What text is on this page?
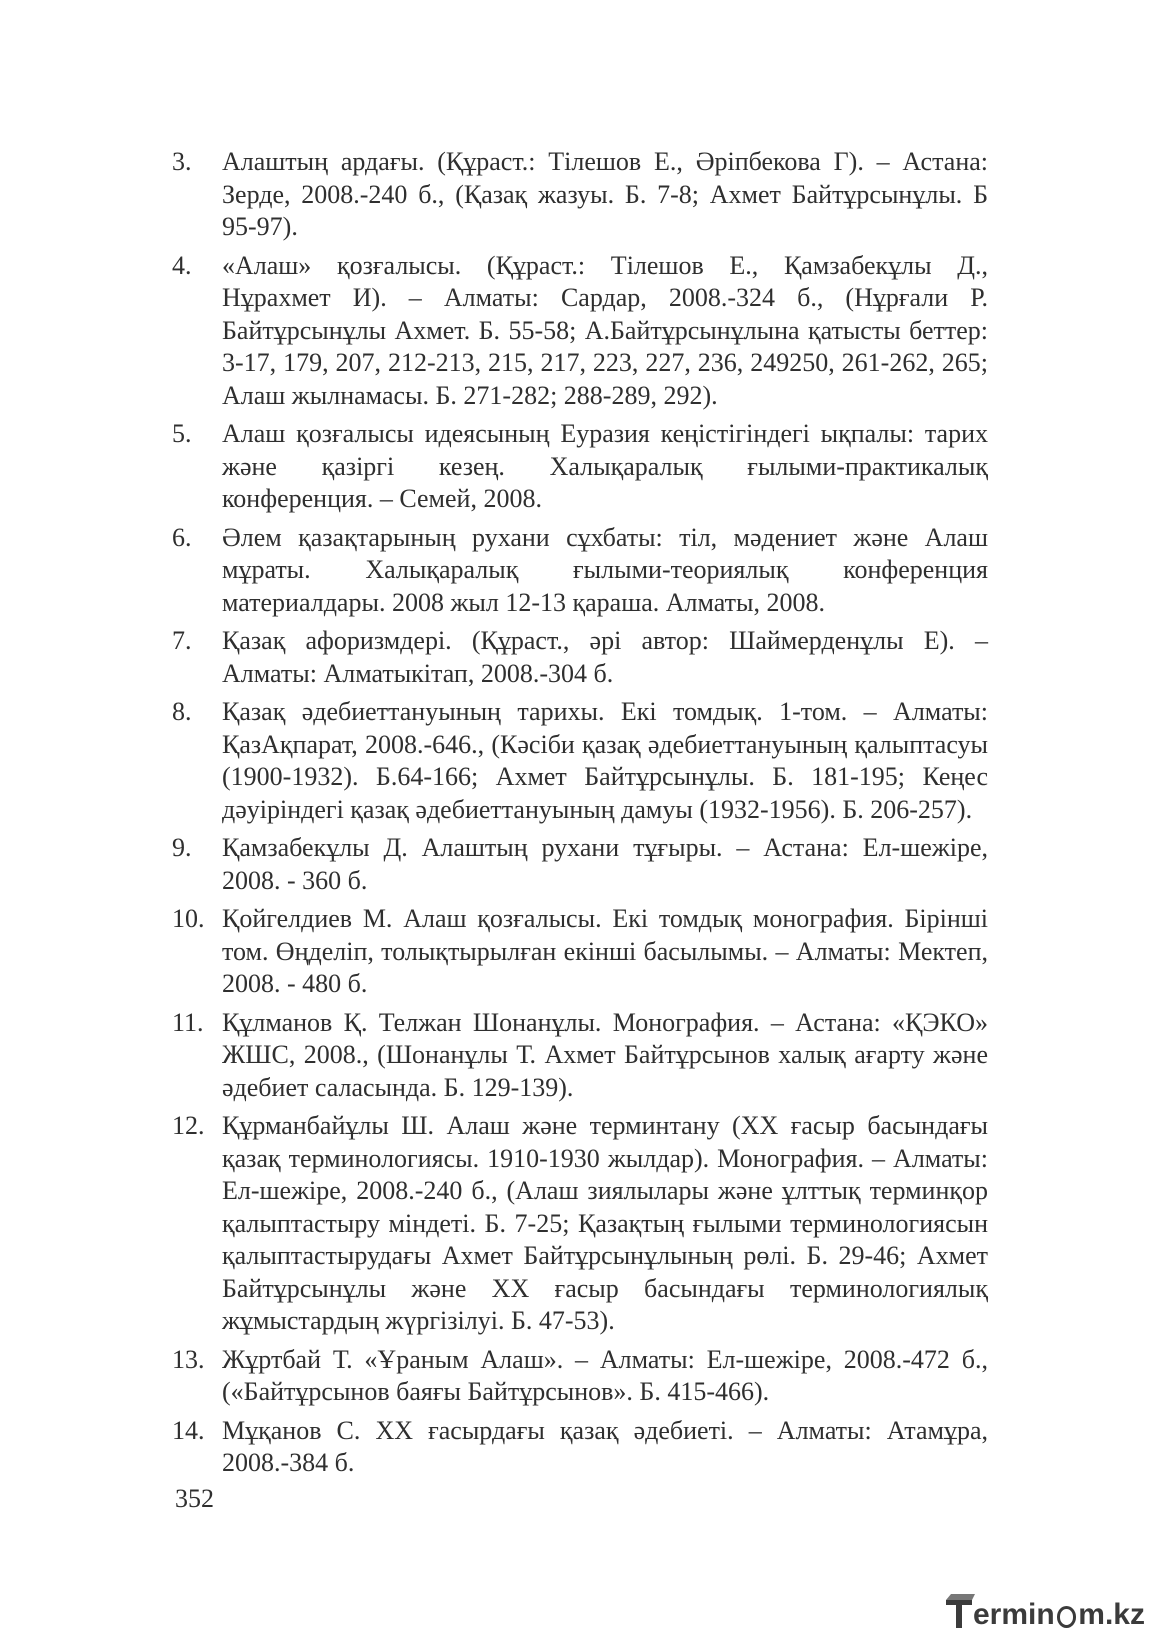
3.	Алаштың ардағы. (Құраст.: Тілешов Е., Әріпбекова Г). – Астана: Зерде, 2008.-240 б., (Қазақ жазуы. Б. 7-8; Ахмет Байтұрсынұлы. Б 95-97).
4.	«Алаш» қозғалысы. (Құраст.: Тілешов Е., Қамзабекұлы Д., Нұрахмет И). – Алматы: Сардар, 2008.-324 б., (Нұрғали Р. Байтұрсынұлы Ахмет. Б. 55-58; А.Байтұрсынұлына қатысты беттер: 3-17, 179, 207, 212-213, 215, 217, 223, 227, 236, 249250, 261-262, 265; Алаш жылнамасы. Б. 271-282; 288-289, 292).
5.	Алаш қозғалысы идеясының Еуразия кеңістігіндегі ықпалы: тарих және қазіргі кезең. Халықаралық ғылыми-практикалық конференция. – Семей, 2008.
6.	Әлем қазақтарының рухани сұхбаты: тіл, мәдениет және Алаш мұраты. Халықаралық ғылыми-теориялық конференция материалдары. 2008 жыл 12-13 қараша. Алматы, 2008.
7.	Қазақ афоризмдері. (Құраст., әрі автор: Шаймерденұлы Е). – Алматы: Алматыкітап, 2008.-304 б.
8.	Қазақ әдебиеттануының тарихы. Екі томдық. 1-том. – Алматы: ҚазАқпарат, 2008.-646., (Кәсіби қазақ әдебиеттануының қалыптасуы (1900-1932). Б.64-166; Ахмет Байтұрсынұлы. Б. 181-195; Кеңес дәуіріндегі қазақ әдебиеттануының дамуы (1932-1956). Б. 206-257).
9.	Қамзабекұлы Д. Алаштың рухани тұғыры. – Астана: Ел-шежіре, 2008. - 360 б.
10. Қойгелдиев М. Алаш қозғалысы. Екі томдық монография. Бірінші том. Өңделіп, толықтырылған екінші басылымы. – Алматы: Мектеп, 2008. - 480 б.
11. Құлманов Қ. Телжан Шонанұлы. Монография. – Астана: «ҚЭКО» ЖШС, 2008., (Шонанұлы Т. Ахмет Байтұрсынов халық ағарту және әдебиет саласында. Б. 129-139).
12. Құрманбайұлы Ш. Алаш және терминтану (ХХ ғасыр басындағы қазақ терминологиясы. 1910-1930 жылдар). Монография. – Алматы: Ел-шежіре, 2008.-240 б., (Алаш зиялылары және ұлттық терминқор қалыптастыру міндеті. Б. 7-25; Қазақтың ғылыми терминологиясын қалыптастырудағы Ахмет Байтұрсынұлының рөлі. Б. 29-46; Ахмет Байтұрсынұлы және ХХ ғасыр басындағы терминологиялық жұмыстардың жүргізілуі. Б. 47-53).
13. Жұртбай Т. «Ұраным Алаш». – Алматы: Ел-шежіре, 2008.-472 б., («Байтұрсынов баяғы Байтұрсынов». Б. 415-466).
14. Мұқанов С. ХХ ғасырдағы қазақ әдебиеті. – Алматы: Атамұра, 2008.-384 б.
352
ermin m.kz
